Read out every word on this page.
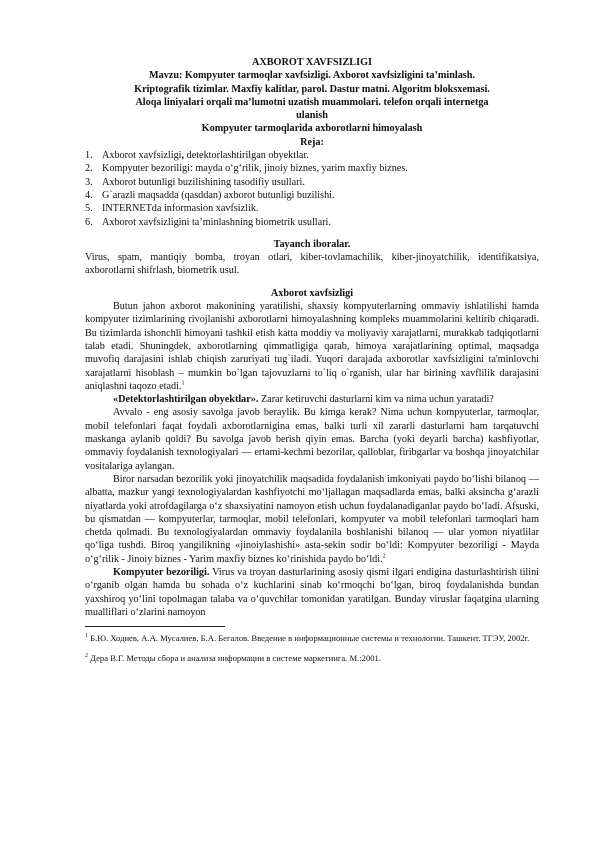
AXBOROT XAVFSIZLIGI
Mavzu: Kompyuter tarmoqlar xavfsizligi. Axborot xavfsizligini ta’minlash.
Kriptografik tizimlar. Maxfiy kalitlar, parol. Dastur matni. Algoritm bloksxemasi.
Aloqa liniyalari orqali ma’lumotni uzatish muammolari. telefon orqali internetga
ulanish
Kompyuter tarmoqlarida axborotlarni himoyalash
Reja:
1. Axborot xavfsizligi, detektorlashtirilgan obyektlar.
2. Kompyuter bezoriligi: mayda o‘g‘rilik, jinoiy biznes, yarim maxfiy biznes.
3. Axborot butunligi buzilishining tasodifiy usullari.
4. G`arazli maqsadda (qasddan) axborot butunligi buzilishi.
5. INTERNETda informasion xavfsizlik.
6. Axborot xavfsizligini ta’minlashning biometrik usullari.
Tayanch iboralar.

Virus, spam, mantiqiy bomba, troyan otlari, kiber-tovlamachilik, kiber-jinoyatchilik, identifikatsiya, axborotlarni shifrlash, biometrik usul.

Axborot xavfsizligi

Butun jahon axborot makonining yaratilishi, shaxsiy kompyuterlarning ommaviy ishlatilishi hamda kompyuter tizimlarining rivojlanishi axborotlarni himoyalashning kompleks muammolarini keltirib chiqaradi. Bu tizimlarda ishonchli himoyani tashkil etish katta moddiy va moliyaviy xarajatlarni, murakkab tadqiqotlarni talab etadi. Shuningdek, axborotlarning qimmatligiga qarab, himoya xarajatlarining optimal, maqsadga muvofiq darajasini ishlab chiqish zaruriyati tug`iladi. Yuqori darajada axborotlar xavfsizligini ta'minlovchi xarajatlarni hisoblash – mumkin bo`lgan tajovuzlarni to`liq o`rganish, ular har birining xavflilik darajasini aniqlashni taqozo etadi.$^1$

«Detektorlashtirilgan obyektlar». Zarar ketiruvchi dasturlarni kim va nima uchun yaratadi?

Avvalo - eng asosiy savolga javob beraylik. Bu kimga kerak? Nima uchun kompyuterlar, tarmoqlar, mobil telefonlari faqat foydali axborotlarnigina emas, balki turli xil zararli dasturlarni ham tarqatuvchi maskanga aylanib qoldi? Bu savolga javob berish qiyin emas. Barcha (yoki deyarli barcha) kashfiyotlar, ommaviy foydalanish texnologiyalari — ertami-kechmi bezorilar, qalloblar, firibgarlar va boshqa jinoyatchilar vositalariga aylangan.

Biror narsadan bezorilik yoki jinoyatchilik maqsadida foydalanish imkoniyati paydo bo‘lishi bilanoq — albatta, mazkur yangi texnologiyalardan kashfiyotchi mo‘ljallagan maqsadlarda emas, balki aksincha g‘arazli niyatlarda yoki atrofdagilarga o‘z shaxsiyatini namoyon etish uchun foydalanadiganlar paydo bo‘ladi. Afsuski, bu qismatdan — kompyuterlar, tarmoqlar, mobil telefonlari, kompyuter va mobil telefonlari tarmoqlari ham chetda qolmadi. Bu texnologiyalardan ommaviy foydalanila boshlanishi bilanoq — ular yomon niyatlilar qo‘liga tushdi. Biroq yangilikning «jinoiylashishi» asta-sekin sodir bo‘ldi: Kompyuter bezoriligi - Mayda o‘g‘rilik - Jinoiy biznes - Yarim maxfiy biznes ko‘rinishida paydo bo‘ldi.$^2$

Kompyuter bezoriligi. Virus va troyan dasturlarining asosiy qismi ilgari endigina dasturlashtirish tilini o‘rganib olgan hamda bu sohada o‘z kuchlarini sinab ko‘rmoqchi bo‘lgan, biroq foydalanishda bundan yaxshiroq yo‘lini topolmagan talaba va o‘quvchilar tomonidan yaratilgan. Bunday viruslar faqatgina ularning mualliflari o‘zlarini namoyon

$^1$ Б.Ю. Ходиев, А.А. Мусалиев, Б.А. Бегалов. Введение в информационные системы и технологии. Ташкент. ТГЭУ, 2002г.

$^2$ Дера В.Г. Методы сбора и анализа информации в системе маркетинга. М.:2001.
